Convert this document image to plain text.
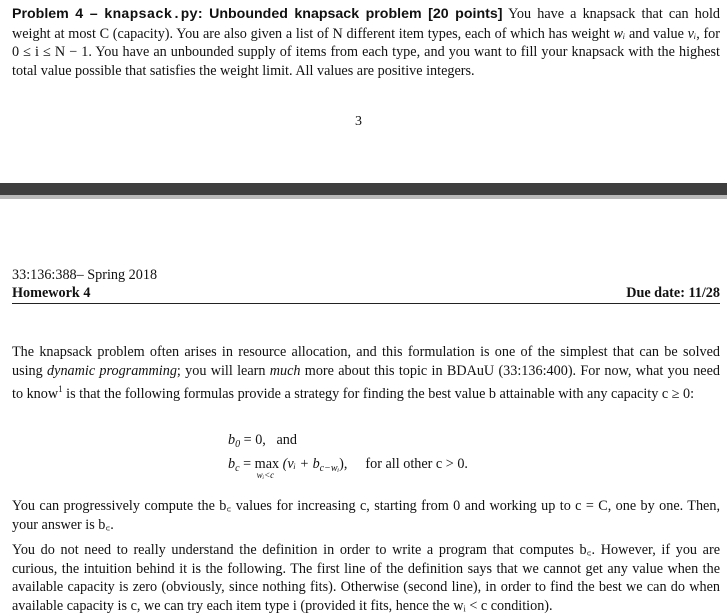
Problem 4 – knapsack.py: Unbounded knapsack problem [20 points] You have a knapsack that can hold weight at most C (capacity). You are also given a list of N different item types, each of which has weight wᵢ and value vᵢ, for 0 ≤ i ≤ N − 1. You have an unbounded supply of items from each type, and you want to fill your knapsack with the highest total value possible that satisfies the weight limit. All values are positive integers.
3
33:136:388– Spring 2018
Homework 4	Due date: 11/28
The knapsack problem often arises in resource allocation, and this formulation is one of the simplest that can be solved using dynamic programming; you will learn much more about this topic in BDAuU (33:136:400). For now, what you need to know$^1$ is that the following formulas provide a strategy for finding the best value b attainable with any capacity c ≥ 0:
$b_0 = 0$,   and
$b_c = \max$
wᵢ<c
(vᵢ + $b_{c-wᵢ}$), for all other c > 0.
You can progressively compute the b꜀ values for increasing c, starting from 0 and working up to c = C, one by one. Then, your answer is b꜀.
You do not need to really understand the definition in order to write a program that computes b꜀. However, if you are curious, the intuition behind it is the following. The first line of the definition says that we cannot get any value when the available capacity is zero (obviously, since nothing fits). Otherwise (second line), in order to find the best we can do when available capacity is c, we can try each item type i (provided it fits, hence the wᵢ < c condition).
